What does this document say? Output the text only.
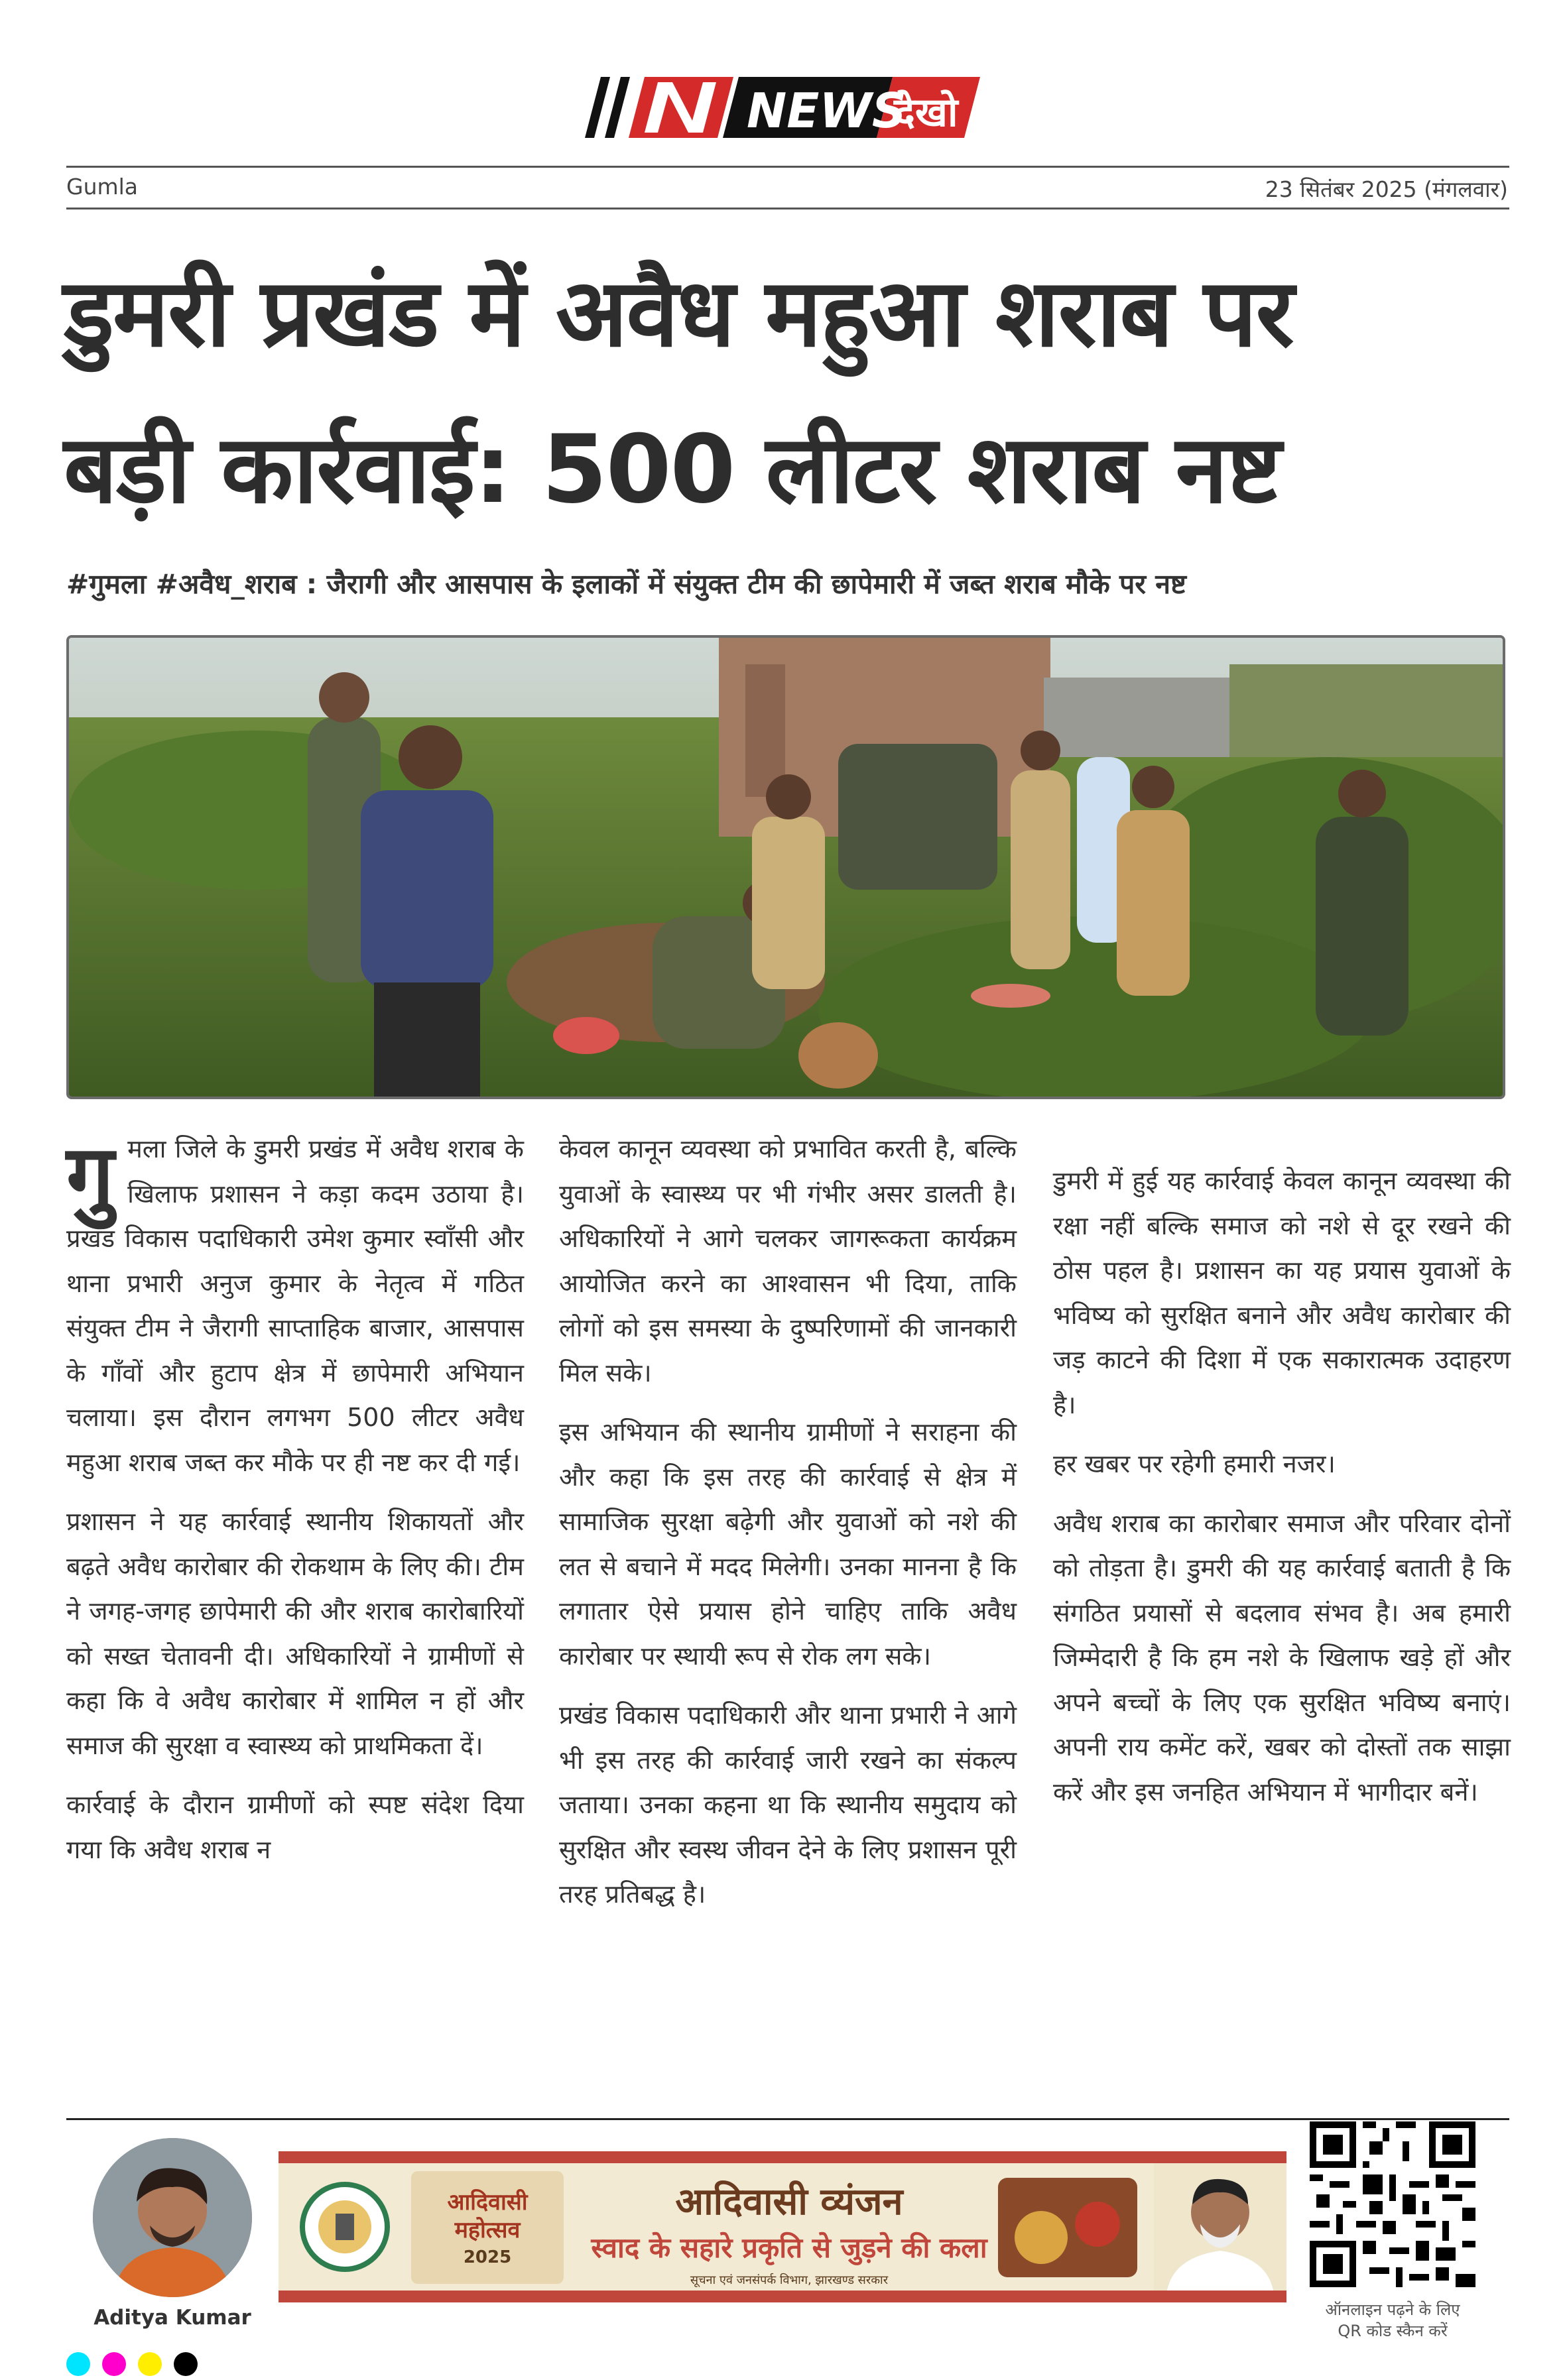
NEWS
देखो
Gumla	23 सितंबर 2025 (मंगलवार)
डुमरी प्रखंड में अवैध महुआ शराब पर
बड़ी कार्रवाई: 500 लीटर शराब नष्ट

#गुमला #अवैध_शराब : जैरागी और आसपास के इलाकों में संयुक्त टीम की छापेमारी में जब्त शराब मौके पर नष्ट

गुमला जिले के डुमरी प्रखंड में अवैध शराब के खिलाफ प्रशासन ने कड़ा कदम उठाया है। प्रखंड विकास पदाधिकारी उमेश कुमार स्वाँसी और थाना प्रभारी अनुज कुमार के नेतृत्व में गठित संयुक्त टीम ने जैरागी साप्ताहिक बाजार, आसपास के गाँवों और हुटाप क्षेत्र में छापेमारी अभियान चलाया। इस दौरान लगभग 500 लीटर अवैध महुआ शराब जब्त कर मौके पर ही नष्ट कर दी गई।

प्रशासन ने यह कार्रवाई स्थानीय शिकायतों और बढ़ते अवैध कारोबार की रोकथाम के लिए की। टीम ने जगह-जगह छापेमारी की और शराब कारोबारियों को सख्त चेतावनी दी। अधिकारियों ने ग्रामीणों से कहा कि वे अवैध कारोबार में शामिल न हों और समाज की सुरक्षा व स्वास्थ्य को प्राथमिकता दें।

कार्रवाई के दौरान ग्रामीणों को स्पष्ट संदेश दिया गया कि अवैध शराब न

केवल कानून व्यवस्था को प्रभावित करती है, बल्कि युवाओं के स्वास्थ्य पर भी गंभीर असर डालती है। अधिकारियों ने आगे चलकर जागरूकता कार्यक्रम आयोजित करने का आश्वासन भी दिया, ताकि लोगों को इस समस्या के दुष्परिणामों की जानकारी मिल सके।

इस अभियान की स्थानीय ग्रामीणों ने सराहना की और कहा कि इस तरह की कार्रवाई से क्षेत्र में सामाजिक सुरक्षा बढ़ेगी और युवाओं को नशे की लत से बचाने में मदद मिलेगी। उनका मानना है कि लगातार ऐसे प्रयास होने चाहिए ताकि अवैध कारोबार पर स्थायी रूप से रोक लग सके।

प्रखंड विकास पदाधिकारी और थाना प्रभारी ने आगे भी इस तरह की कार्रवाई जारी रखने का संकल्प जताया। उनका कहना था कि स्थानीय समुदाय को सुरक्षित और स्वस्थ जीवन देने के लिए प्रशासन पूरी तरह प्रतिबद्ध है।

डुमरी में हुई यह कार्रवाई केवल कानून व्यवस्था की रक्षा नहीं बल्कि समाज को नशे से दूर रखने की ठोस पहल है। प्रशासन का यह प्रयास युवाओं के भविष्य को सुरक्षित बनाने और अवैध कारोबार की जड़ काटने की दिशा में एक सकारात्मक उदाहरण है।

हर खबर पर रहेगी हमारी नजर।

अवैध शराब का कारोबार समाज और परिवार दोनों को तोड़ता है। डुमरी की यह कार्रवाई बताती है कि संगठित प्रयासों से बदलाव संभव है। अब हमारी जिम्मेदारी है कि हम नशे के खिलाफ खड़े हों और अपने बच्चों के लिए एक सुरक्षित भविष्य बनाएं। अपनी राय कमेंट करें, खबर को दोस्तों तक साझा करें और इस जनहित अभियान में भागीदार बनें।

Aditya Kumar
आदिवासी
महोत्सव
2025
आदिवासी व्यंजन
स्वाद के सहारे प्रकृति से जुड़ने की कला
सूचना एवं जनसंपर्क विभाग, झारखण्ड सरकार
ऑनलाइन पढ़ने के लिए
QR कोड स्कैन करें
